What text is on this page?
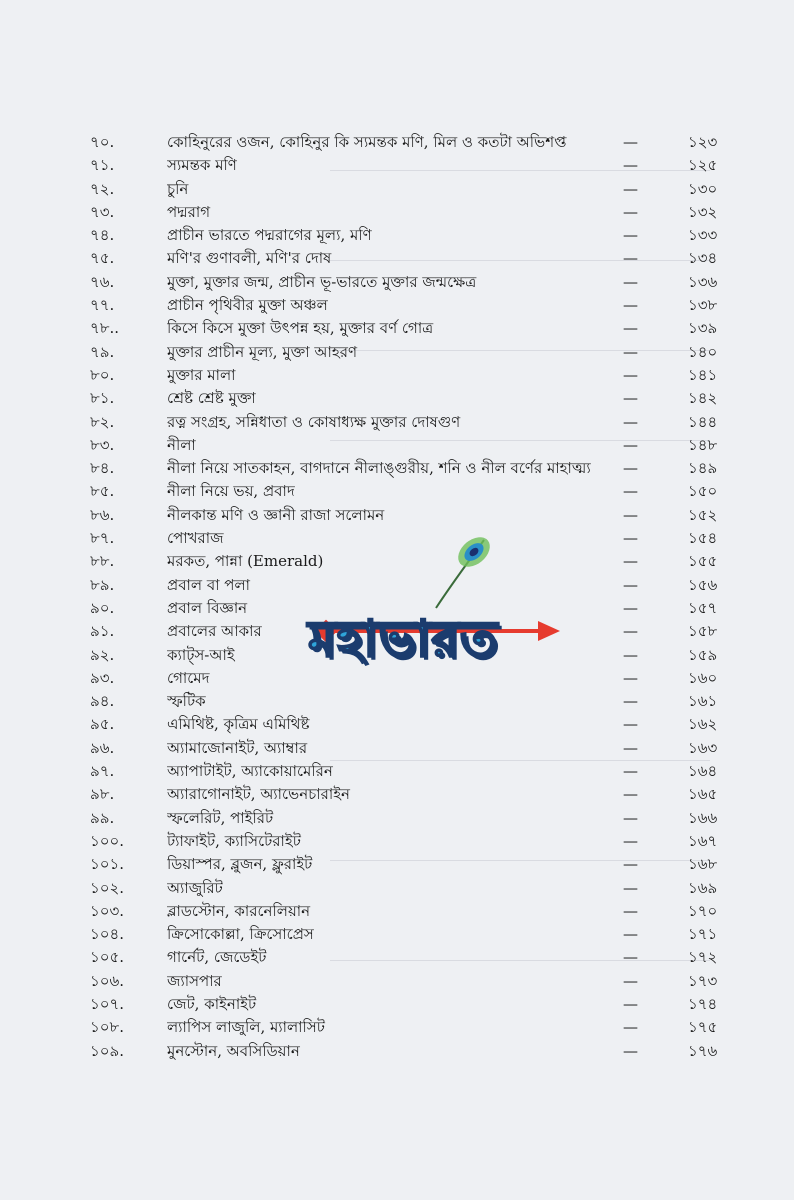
৭০.	কোহিনুরের ওজন, কোহিনুর কি স্যমন্তক মণি, মিল ও কতটা অভিশপ্ত	—	১২৩
৭১.	স্যমন্তক মণি	—	১২৫
৭২.	চুনি	—	১৩০
৭৩.	পদ্মরাগ	—	১৩২
৭৪.	প্রাচীন ভারতে পদ্মরাগের মূল্য, মণি	—	১৩৩
৭৫.	মণি'র গুণাবলী, মণি'র দোষ	—	১৩৪
৭৬.	মুক্তা, মুক্তার জন্ম, প্রাচীন ভূ-ভারতে মুক্তার জন্মক্ষেত্র	—	১৩৬
৭৭.	প্রাচীন পৃথিবীর মুক্তা অঞ্চল	—	১৩৮
৭৮..	কিসে কিসে মুক্তা উৎপন্ন হয়, মুক্তার বর্ণ গোত্র	—	১৩৯
৭৯.	মুক্তার প্রাচীন মূল্য, মুক্তা আহরণ	—	১৪০
৮০.	মুক্তার মালা	—	১৪১
৮১.	শ্রেষ্ট শ্রেষ্ট মুক্তা	—	১৪২
৮২.	রত্ন সংগ্রহ, সন্নিধাতা ও কোষাধ্যক্ষ মুক্তার দোষগুণ	—	১৪৪
৮৩.	নীলা	—	১৪৮
৮৪.	নীলা নিয়ে সাতকাহন, বাগদানে নীলাঙ্গুরীয়, শনি ও নীল বর্ণের মাহাত্ম্য	—	১৪৯
৮৫.	নীলা নিয়ে ভয়, প্রবাদ	—	১৫০
৮৬.	নীলকান্ত মণি ও জ্ঞানী রাজা সলোমন	—	১৫২
৮৭.	পোখরাজ	—	১৫৪
৮৮.	মরকত, পান্না (Emerald)	—	১৫৫
৮৯.	প্রবাল বা পলা	—	১৫৬
৯০.	প্রবাল বিজ্ঞান	—	১৫৭
৯১.	প্রবালের আকার	—	১৫৮
৯২.	ক্যাট্স-আই	—	১৫৯
৯৩.	গোমেদ	—	১৬০
৯৪.	স্ফটিক	—	১৬১
৯৫.	এমিথিষ্ট, কৃত্রিম এমিথিষ্ট	—	১৬২
৯৬.	অ্যামাজোনাইট, অ্যাম্বার	—	১৬৩
৯৭.	অ্যাপাটাইট, অ্যাকোয়ামেরিন	—	১৬৪
৯৮.	অ্যারাগোনাইট, অ্যাভেনচারাইন	—	১৬৫
৯৯.	স্ফলেরিট, পাইরিট	—	১৬৬
১০০.	ট্যাফাইট, ক্যাসিটেরাইট	—	১৬৭
১০১.	ডিয়াস্পর, ব্লুজন, ফ্লুরাইট	—	১৬৮
১০২.	অ্যাজুরিট	—	১৬৯
১০৩.	ব্লাডস্টোন, কারনেলিয়ান	—	১৭০
১০৪.	ক্রিসোকোল্লা, ক্রিসোপ্রেস	—	১৭১
১০৫.	গার্নেট, জেডেইট	—	১৭২
১০৬.	জ্যাসপার	—	১৭৩
১০৭.	জেট, কাইনাইট	—	১৭৪
১০৮.	ল্যাপিস লাজুলি, ম্যালাসিট	—	১৭৫
১০৯.	মুনস্টোন, অবসিডিয়ান	—	১৭৬
মহাভারত
